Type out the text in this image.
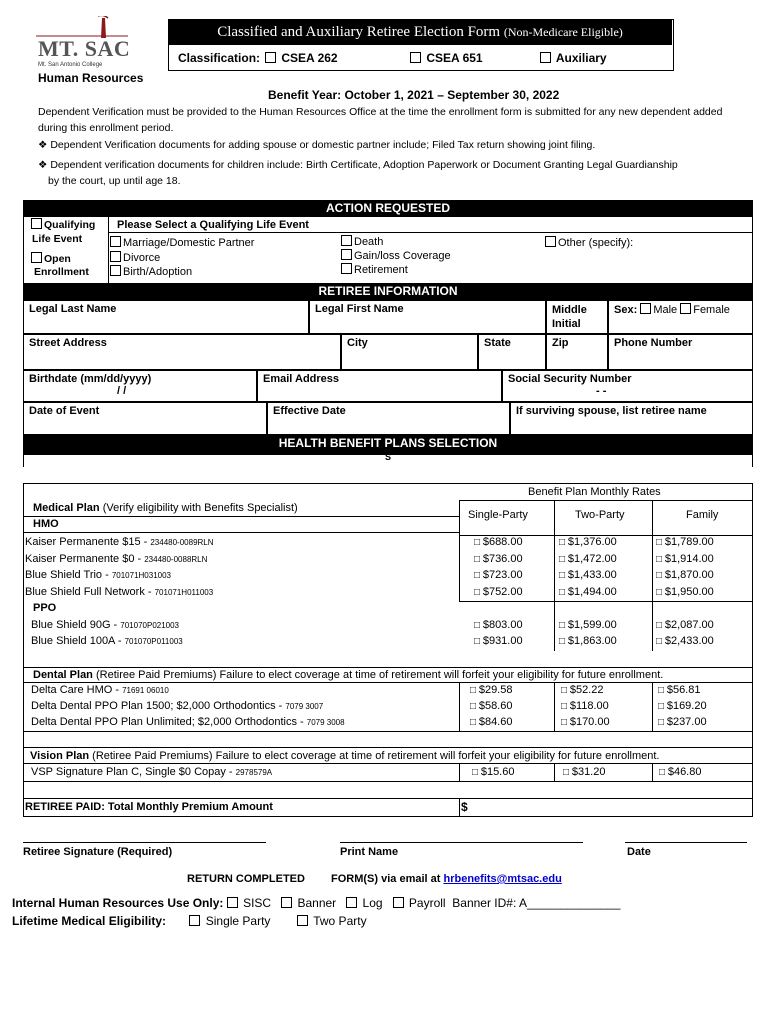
MT. SAC
Mt. San Antonio College
Human Resources
Classified and Auxiliary Retiree Election Form (Non-Medicare Eligible)
Classification:	CSEA 262	CSEA 651	Auxiliary
Benefit Year: October 1, 2021 – September 30, 2022
Dependent Verification must be provided to the Human Resources Office at the time the enrollment form is submitted for any new dependent added
during this enrollment period.
❖ Dependent Verification documents for adding spouse or domestic partner include; Filed Tax return showing joint filing.
❖ Dependent verification documents for children include: Birth Certificate, Adoption Paperwork or Document Granting Legal Guardianship
by the court, up until age 18.
ACTION REQUESTED
Qualifying
Life Event
Open
Enrollment
Please Select a Qualifying Life Event
Marriage/Domestic Partner
Divorce
Birth/Adoption
Death
Gain/loss Coverage
Retirement
Other (specify):
RETIREE INFORMATION
Legal Last Name	Legal First Name	Middle
Initial
Sex: Male Female
Street Address	City	State	Zip	Phone Number
Birthdate (mm/dd/yyyy)
/ /
Email Address	Social Security Number
- -
Date of Event	Effective Date	If surviving spouse, list retiree name
HEALTH BENEFIT PLANS SELECTION
S
Benefit Plan Monthly Rates
Single-Party	Two-Party	Family
Medical Plan (Verify eligibility with Benefits Specialist)
HMO
Kaiser Permanente $15 - 234480-0089RLN	□ $688.00	□ $1,376.00	□ $1,789.00
Kaiser Permanente $0 - 234480-0088RLN	□ $736.00	□ $1,472.00	□ $1,914.00
Blue Shield Trio - 701071H031003	□ $723.00	□ $1,433.00	□ $1,870.00
Blue Shield Full Network - 701071H011003	□ $752.00	□ $1,494.00	□ $1,950.00
PPO
Blue Shield 90G - 701070P021003	□ $803.00	□ $1,599.00	□ $2,087.00
Blue Shield 100A - 701070P011003	□ $931.00	□ $1,863.00	□ $2,433.00
Dental Plan (Retiree Paid Premiums) Failure to elect coverage at time of retirement will forfeit your eligibility for future enrollment.
Delta Care HMO - 71691 06010	□ $29.58	□ $52.22	□ $56.81
Delta Dental PPO Plan 1500; $2,000 Orthodontics - 7079 3007	□ $58.60	□ $118.00	□ $169.20
Delta Dental PPO Plan Unlimited; $2,000 Orthodontics - 7079 3008	□ $84.60	□ $170.00	□ $237.00
Vision Plan (Retiree Paid Premiums) Failure to elect coverage at time of retirement will forfeit your eligibility for future enrollment.
VSP Signature Plan C, Single $0 Copay - 2978579A	□ $15.60	□ $31.20	□ $46.80
RETIREE PAID: Total Monthly Premium Amount	$
Retiree Signature (Required)	Print Name	Date
RETURN COMPLETED FORM(S) via email at hrbenefits@mtsac.edu
Internal Human Resources Use Only: SISC Banner Log Payroll Banner ID#: A______________
Lifetime Medical Eligibility:	Single Party	Two Party
